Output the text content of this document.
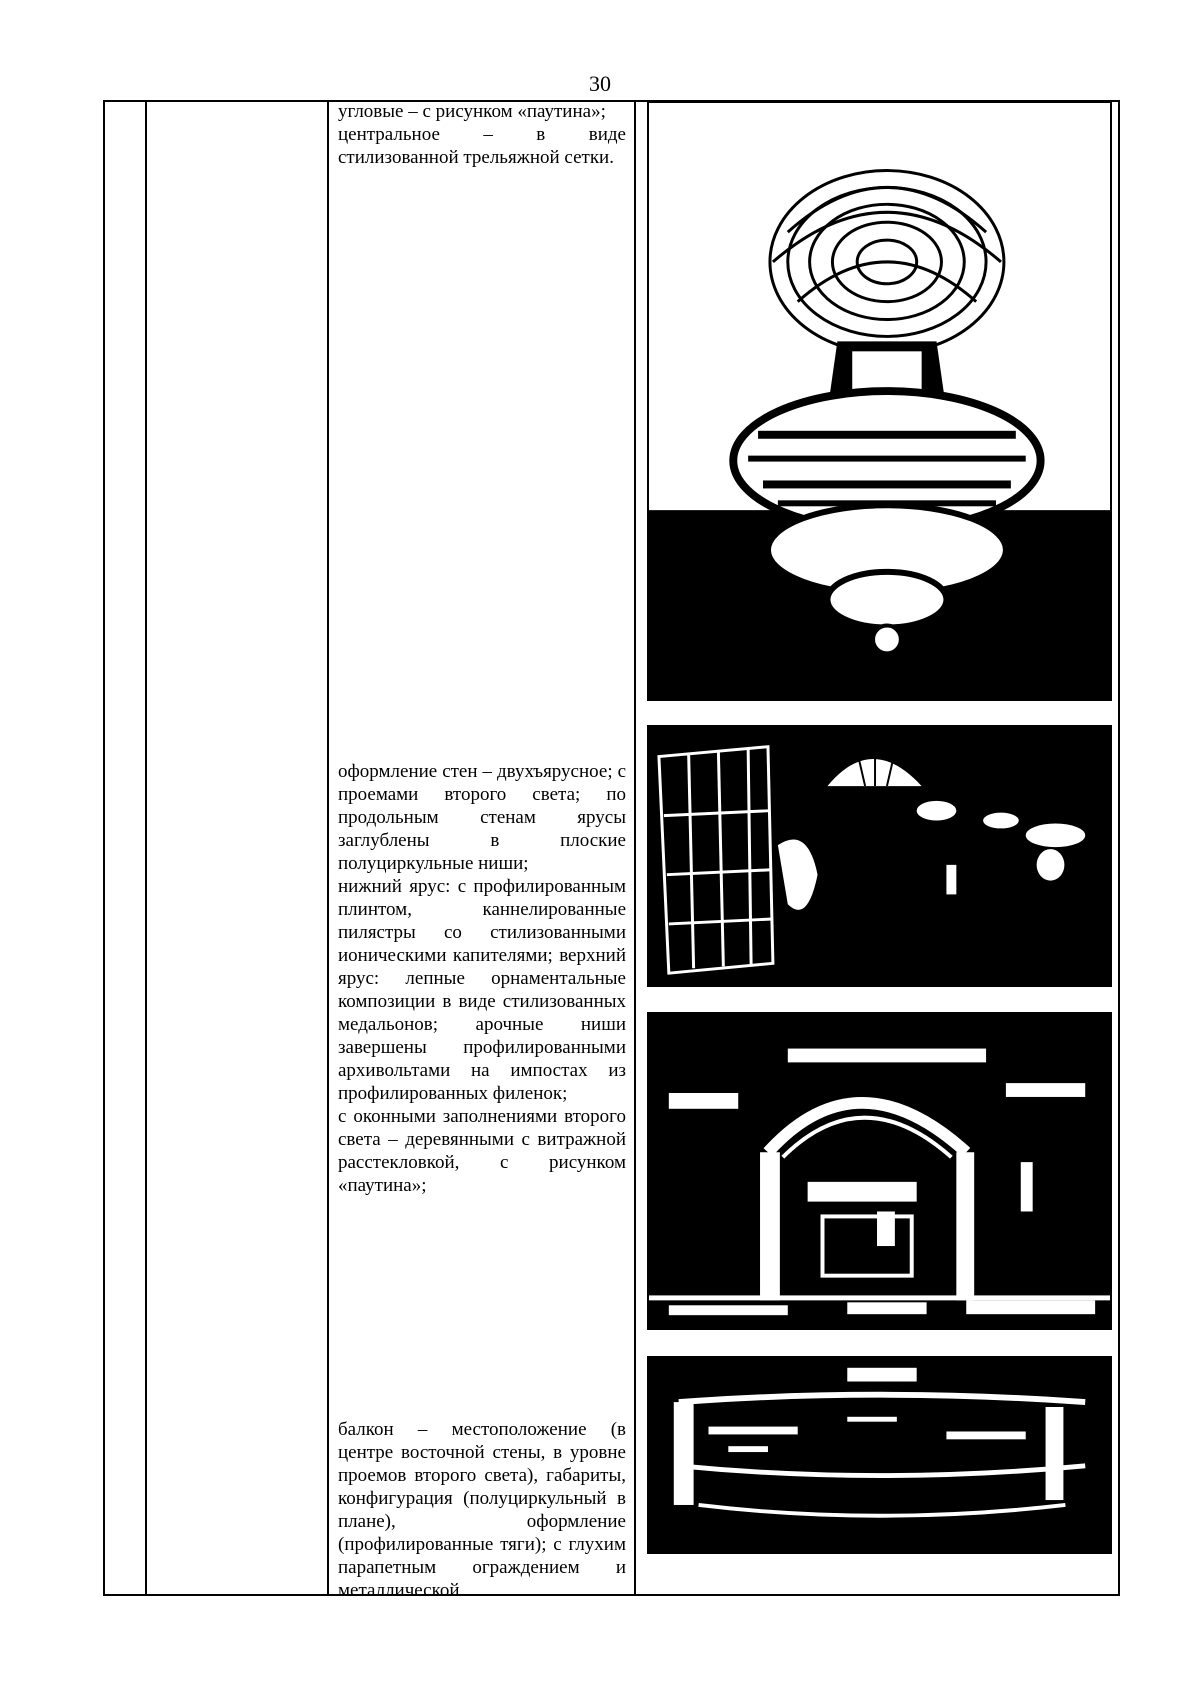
30

угловые – с рисунком «паутина»;

центральное – в виде стилизованной трельяжной сетки.

оформление стен – двухъярусное; с проемами второго света; по продольным стенам ярусы заглублены в плоские полуциркульные ниши;

нижний ярус: с профилированным плинтом, каннелированные пилястры со стилизованными ионическими капителями; верхний ярус: лепные орнаментальные композиции в виде стилизованных медальонов; арочные ниши завершены профилированными архивольтами на импостах из профилированных филенок;

с оконными заполнениями второго света – деревянными с витражной расстекловкой, с рисунком «паутина»;

балкон – местоположение (в центре восточной стены, в уровне проемов второго света), габариты, конфигурация (полуциркульный в плане), оформление (профилированные тяги); с глухим парапетным ограждением и металлической
